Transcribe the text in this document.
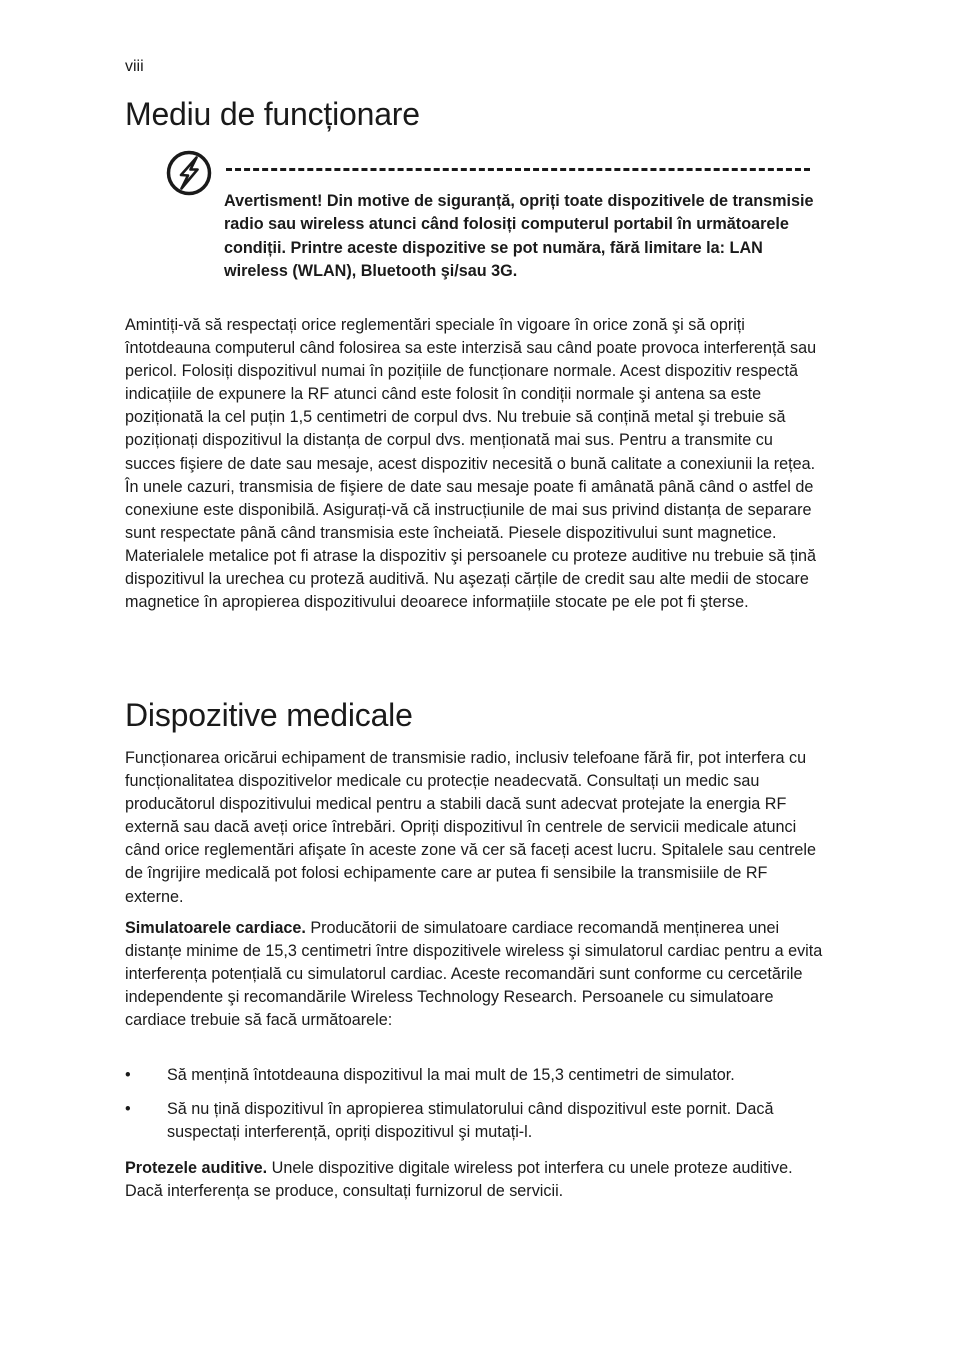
viii
Mediu de funcționare

Avertisment! Din motive de siguranță, opriți toate dispozitivele de transmisie radio sau wireless atunci când folosiți computerul portabil în următoarele condiții. Printre aceste dispozitive se pot număra, fără limitare la: LAN wireless (WLAN), Bluetooth şi/sau 3G.

Amintiți-vă să respectați orice reglementări speciale în vigoare în orice zonă şi să opriți întotdeauna computerul când folosirea sa este interzisă sau când poate provoca interferență sau pericol. Folosiți dispozitivul numai în pozițiile de funcționare normale. Acest dispozitiv respectă indicațiile de expunere la RF atunci când este folosit în condiții normale şi antena sa este poziționată la cel puțin 1,5 centimetri de corpul dvs. Nu trebuie să conțină metal şi trebuie să poziționați dispozitivul la distanța de corpul dvs. menționată mai sus. Pentru a transmite cu succes fişiere de date sau mesaje, acest dispozitiv necesită o bună calitate a conexiunii la rețea. În unele cazuri, transmisia de fişiere de date sau mesaje poate fi amânată până când o astfel de conexiune este disponibilă. Asigurați-vă că instrucțiunile de mai sus privind distanța de separare sunt respectate până când transmisia este încheiată. Piesele dispozitivului sunt magnetice. Materialele metalice pot fi atrase la dispozitiv şi persoanele cu proteze auditive nu trebuie să țină dispozitivul la urechea cu proteză auditivă. Nu aşezați cărțile de credit sau alte medii de stocare magnetice în apropierea dispozitivului deoarece informațiile stocate pe ele pot fi şterse.

Dispozitive medicale

Funcționarea oricărui echipament de transmisie radio, inclusiv telefoane fără fir, pot interfera cu funcționalitatea dispozitivelor medicale cu protecție neadecvată. Consultați un medic sau producătorul dispozitivului medical pentru a stabili dacă sunt adecvat protejate la energia RF externă sau dacă aveți orice întrebări. Opriți dispozitivul în centrele de servicii medicale atunci când orice reglementări afişate în aceste zone vă cer să faceți acest lucru. Spitalele sau centrele de îngrijire medicală pot folosi echipamente care ar putea fi sensibile la transmisiile de RF externe.

Simulatoarele cardiace. Producătorii de simulatoare cardiace recomandă menținerea unei distanțe minime de 15,3 centimetri între dispozitivele wireless şi simulatorul cardiac pentru a evita interferența potențială cu simulatorul cardiac. Aceste recomandări sunt conforme cu cercetările independente şi recomandările Wireless Technology Research. Persoanele cu simulatoare cardiace trebuie să facă următoarele:

• Să mențină întotdeauna dispozitivul la mai mult de 15,3 centimetri de simulator.
• Să nu țină dispozitivul în apropierea stimulatorului când dispozitivul este pornit. Dacă suspectați interferență, opriți dispozitivul şi mutați-l.

Protezele auditive. Unele dispozitive digitale wireless pot interfera cu unele proteze auditive. Dacă interferența se produce, consultați furnizorul de servicii.
